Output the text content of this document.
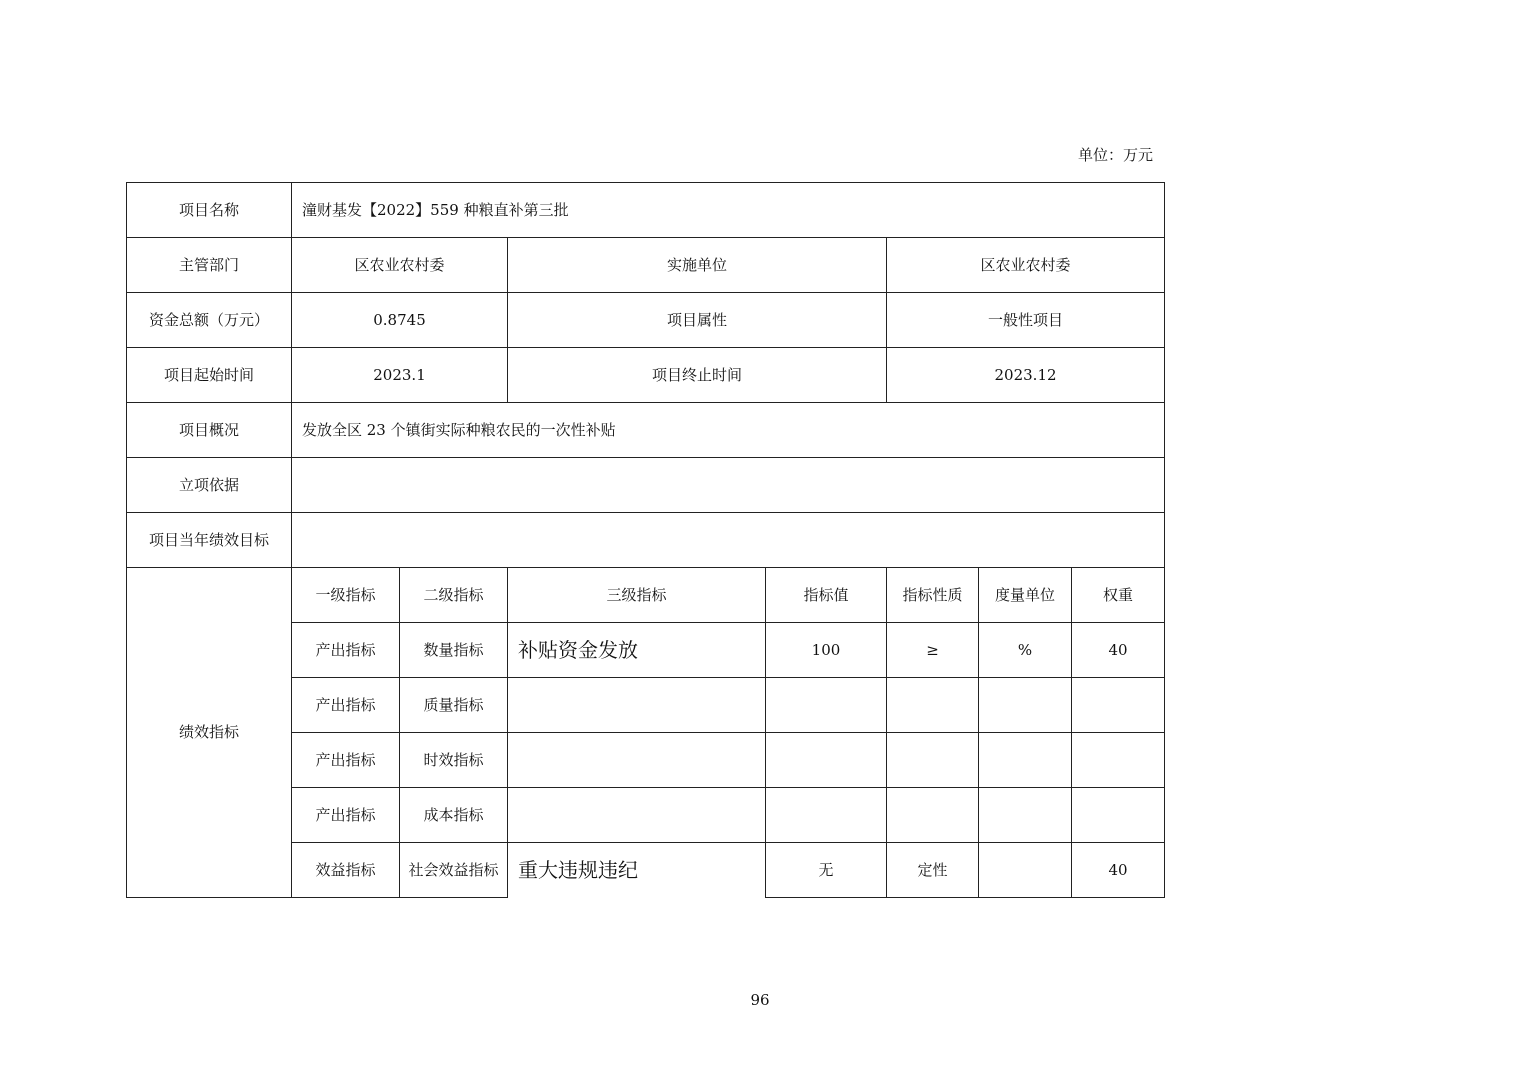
单位：万元
项目名称	潼财基发【2022】559 种粮直补第三批						
主管部门	区农业农村委		实施单位		区农业农村委		
资金总额（万元）	0.8745		项目属性		一般性项目		
项目起始时间	2023.1		项目终止时间		2023.12		
项目概况	发放全区 23 个镇街实际种粮农民的一次性补贴						
立项依据							
项目当年绩效目标							
绩效指标	一级指标	二级指标	三级指标	指标值	指标性质	度量单位	权重
	产出指标	数量指标	补贴资金发放	100	≥	%	40
	产出指标	质量指标					
	产出指标	时效指标					
	产出指标	成本指标					
	效益指标	社会效益指标	重大违规违纪	无	定性		40
96
